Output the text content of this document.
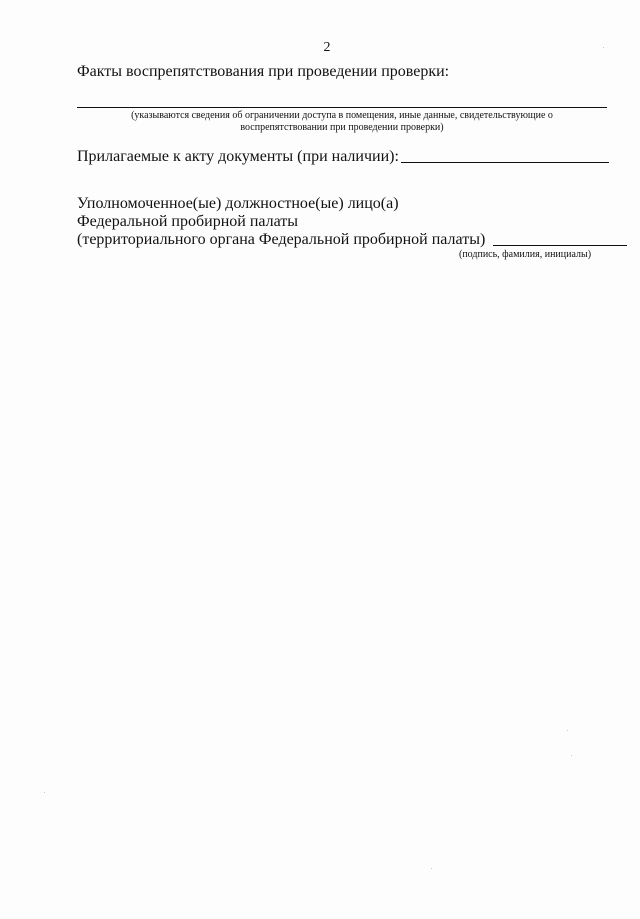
2
Факты воспрепятствования при проведении проверки:
(указываются сведения об ограничении доступа в помещения, иные данные, свидетельствующие о
воспрепятствовании при проведении проверки)
Прилагаемые к акту документы (при наличии):
Уполномоченное(ые) должностное(ые) лицо(а)
Федеральной пробирной палаты
(территориального органа Федеральной пробирной палаты)
(подпись, фамилия, инициалы)
